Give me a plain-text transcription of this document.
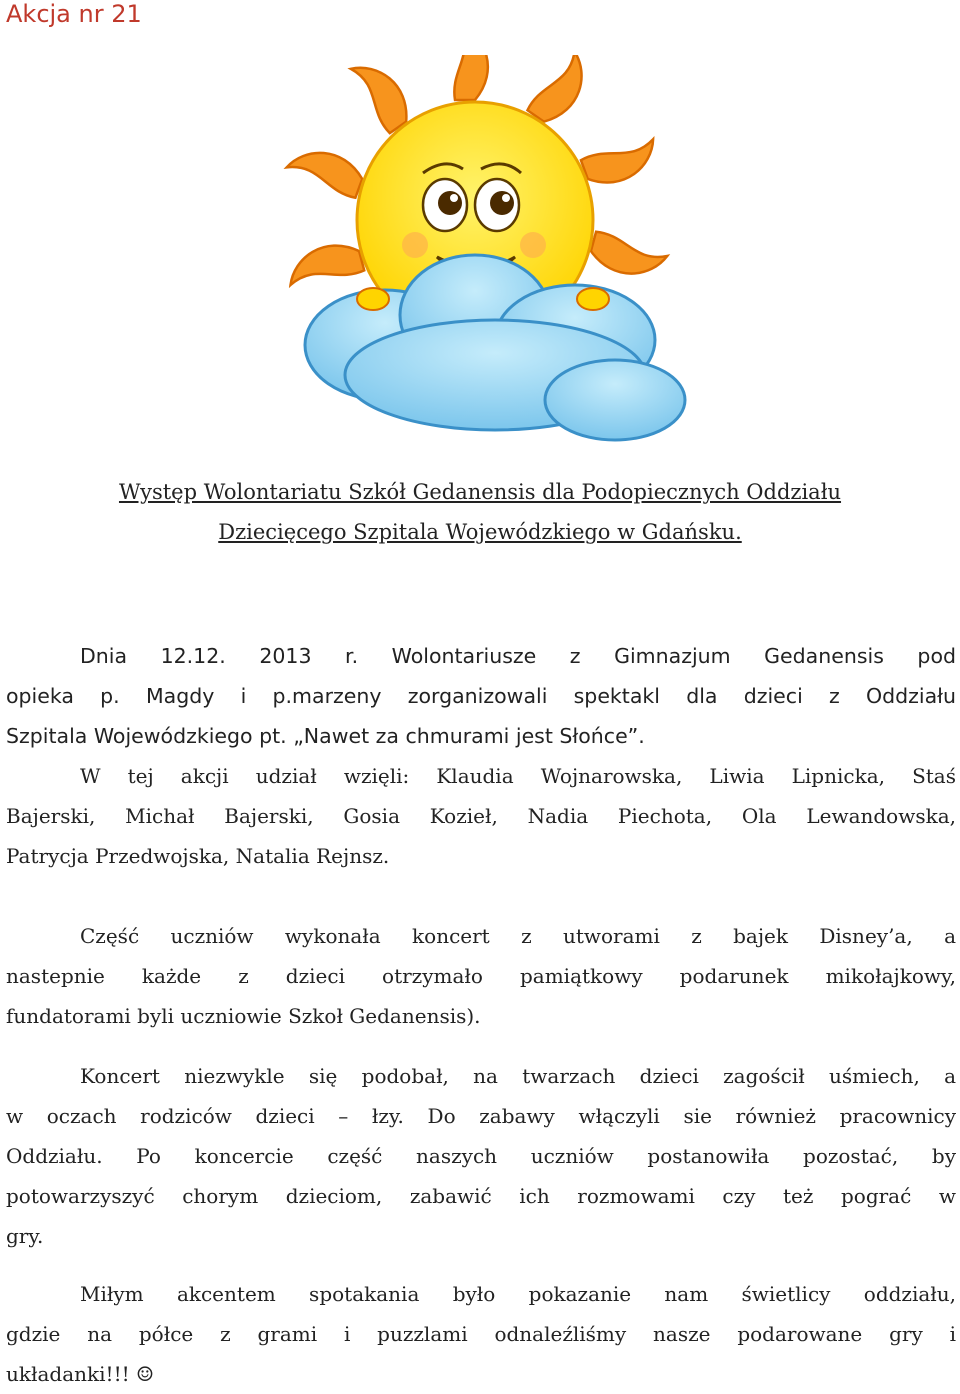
Akcja nr 21
Występ Wolontariatu Szkół Gedanensis dla Podopiecznych Oddziału
Dziecięcego Szpitala Wojewódzkiego w Gdańsku.
Dnia 12.12. 2013 r. Wolontariusze z Gimnazjum Gedanensis pod
opieka p. Magdy i p.marzeny zorganizowali spektakl dla dzieci z Oddziału
Szpitala Wojewódzkiego pt. „Nawet za chmurami jest Słońce”.
W tej akcji udział wzięli: Klaudia Wojnarowska, Liwia Lipnicka, Staś
Bajerski, Michał Bajerski, Gosia Kozieł, Nadia Piechota, Ola Lewandowska,
Patrycja Przedwojska, Natalia Rejnsz.
Część uczniów wykonała koncert z utworami z bajek Disney’a, a
nastepnie każde z dzieci otrzymało pamiątkowy podarunek mikołajkowy,
fundatorami byli uczniowie Szkoł Gedanensis).
Koncert niezwykle się podobał, na twarzach dzieci zagościł uśmiech, a
w oczach rodziców dzieci – łzy. Do zabawy włączyli sie również pracownicy
Oddziału. Po koncercie część naszych uczniów postanowiła pozostać, by
potowarzyszyć chorym dzieciom, zabawić ich rozmowami czy też pograć w
gry.
Miłym akcentem spotakania było pokazanie nam świetlicy oddziału,
gdzie na półce z grami i puzzlami odnaleźliśmy nasze podarowane gry i
układanki!!! ☺
